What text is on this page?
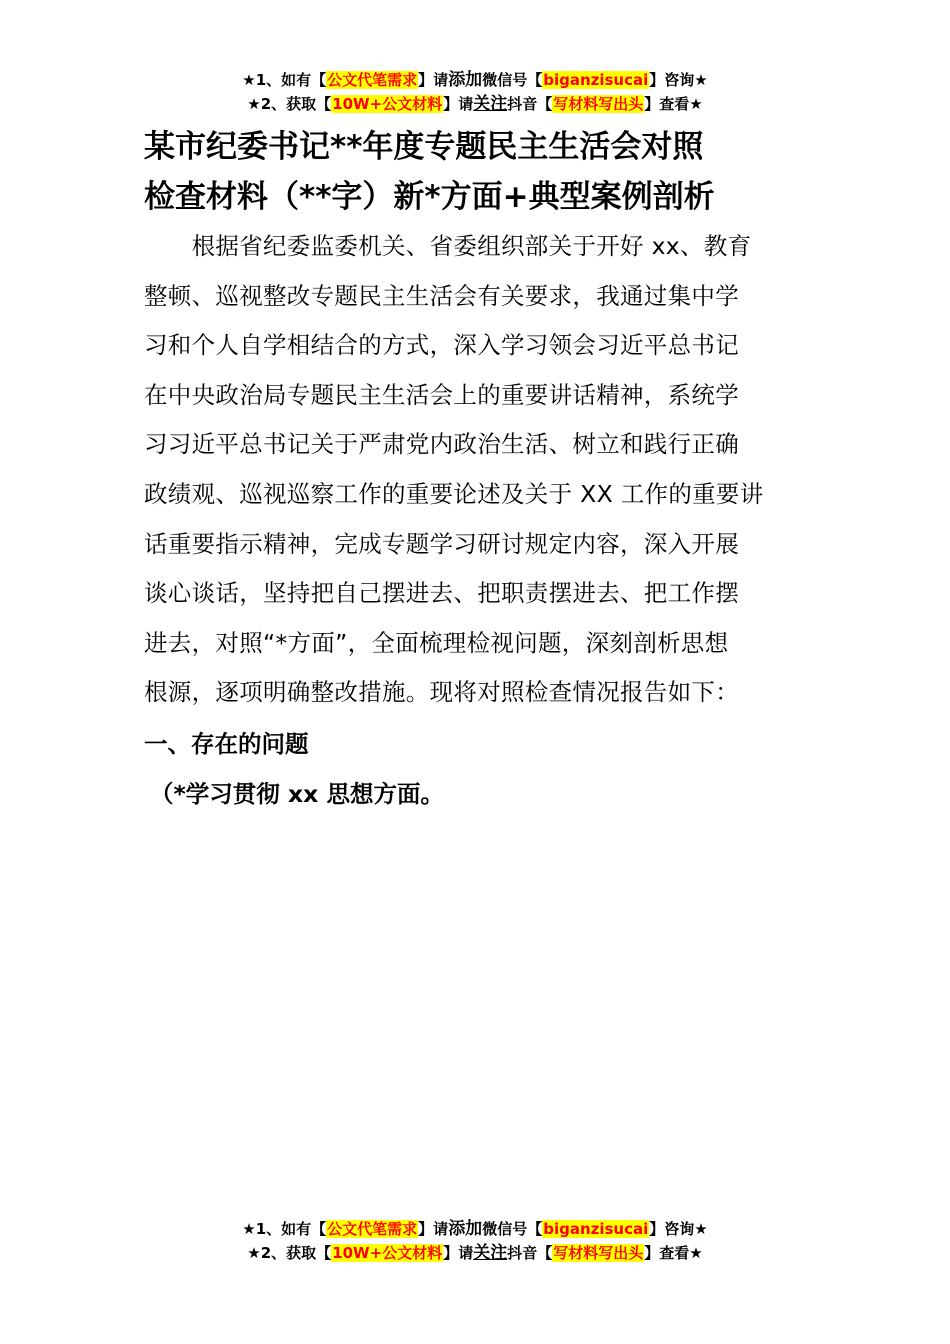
★1、如有【公文代笔需求】请添加微信号【biganzisucai】咨询★
★2、获取【10W+公文材料】请关注抖音【写材料写出头】查看★
某市纪委书记**年度专题民主生活会对照
检查材料（**字）新*方面+典型案例剖析
　　根据省纪委监委机关、省委组织部关于开好 xx、教育
整顿、巡视整改专题民主生活会有关要求，我通过集中学
习和个人自学相结合的方式，深入学习领会习近平总书记
在中央政治局专题民主生活会上的重要讲话精神，系统学
习习近平总书记关于严肃党内政治生活、树立和践行正确
政绩观、巡视巡察工作的重要论述及关于 XX 工作的重要讲
话重要指示精神，完成专题学习研讨规定内容，深入开展
谈心谈话，坚持把自己摆进去、把职责摆进去、把工作摆
进去，对照“*方面”，全面梳理检视问题，深刻剖析思想
根源，逐项明确整改措施。现将对照检查情况报告如下：
一、存在的问题
（*学习贯彻 xx 思想方面。
★1、如有【公文代笔需求】请添加微信号【biganzisucai】咨询★
★2、获取【10W+公文材料】请关注抖音【写材料写出头】查看★
